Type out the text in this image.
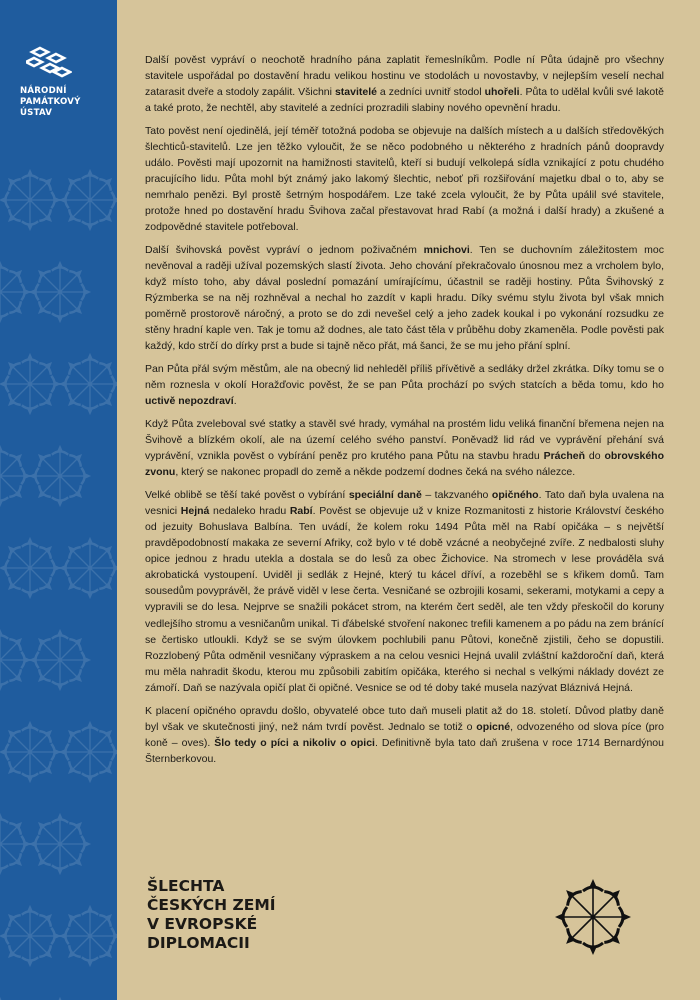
NÁRODNÍ
PAMÁTKOVÝ
ÚSTAV

Další pověst vypráví o neochotě hradního pána zaplatit řemeslníkům. Podle ní Půta údajně pro všechny stavitele uspořádal po dostavění hradu velikou hostinu ve stodolách u novostavby, v nejlepším veselí nechal zatarasit dveře a stodoly zapálit. Všichni stavitelé a zedníci uvnitř stodol uhořeli. Půta to udělal kvůli své lakotě a také proto, že nechtěl, aby stavitelé a zedníci prozradili slabiny nového opevnění hradu.

Tato pověst není ojedinělá, její téměř totožná podoba se objevuje na dalších místech a u dalších středověkých šlechticů-stavitelů. Lze jen těžko vyloučit, že se něco podobného u některého z hradních pánů doopravdy událo. Pověsti mají upozornit na hamižnosti stavitelů, kteří si budují velkolepá sídla vznikající z potu chudého pracujícího lidu. Půta mohl být známý jako lakomý šlechtic, neboť při rozšiřování majetku dbal o to, aby se nemrhalo penězi. Byl prostě šetrným hospodářem. Lze také zcela vyloučit, že by Půta upálil své stavitele, protože hned po dostavění hradu Švihova začal přestavovat hrad Rabí (a možná i další hrady) a zkušené a zodpovědné stavitele potřeboval.

Další švihovská pověst vypráví o jednom poživačném mnichovi. Ten se duchovním záležitostem moc nevěnoval a raději užíval pozemských slastí života. Jeho chování překračovalo únosnou mez a vrcholem bylo, když místo toho, aby dával poslední pomazání umírajícímu, účastnil se raději hostiny. Půta Švihovský z Rýzmberka se na něj rozhněval a nechal ho zazdít v kapli hradu. Díky svému stylu života byl však mnich poměrně prostorově náročný, a proto se do zdi nevešel celý a jeho zadek koukal i po vykonání rozsudku ze stěny hradní kaple ven. Tak je tomu až dodnes, ale tato část těla v průběhu doby zkameněla. Podle pověsti pak každý, kdo strčí do dírky prst a bude si tajně něco přát, má šanci, že se mu jeho přání splní.

Pan Půta přál svým městům, ale na obecný lid nehleděl příliš přívětivě a sedláky držel zkrátka. Díky tomu se o něm roznesla v okolí Horažďovic pověst, že se pan Půta prochází po svých statcích a běda tomu, kdo ho uctivě nepozdraví.

Když Půta zveleboval své statky a stavěl své hrady, vymáhal na prostém lidu veliká finanční břemena nejen na Švihově a blízkém okolí, ale na území celého svého panství. Poněvadž lid rád ve vyprávění přehání svá vyprávění, vznikla pověst o vybírání peněz pro krutého pana Půtu na stavbu hradu Prácheň do obrovského zvonu, který se nakonec propadl do země a někde podzemí dodnes čeká na svého nálezce.

Velké oblibě se těší také pověst o vybírání speciální daně – takzvaného opičného. Tato daň byla uvalena na vesnici Hejná nedaleko hradu Rabí. Pověst se objevuje už v knize Rozmanitosti z historie Království českého od jezuity Bohuslava Balbína. Ten uvádí, že kolem roku 1494 Půta měl na Rabí opičáka – s největší pravděpodobností makaka ze severní Afriky, což bylo v té době vzácné a neobyčejné zvíře. Z nedbalosti sluhy opice jednou z hradu utekla a dostala se do lesů za obec Žichovice. Na stromech v lese prováděla svá akrobatická vystoupení. Uviděl ji sedlák z Hejné, který tu kácel dříví, a rozeběhl se s křikem domů. Tam sousedům povyprávěl, že právě viděl v lese čerta. Vesničané se ozbrojili kosami, sekerami, motykami a cepy a vypravili se do lesa. Nejprve se snažili pokácet strom, na kterém čert seděl, ale ten vždy přeskočil do koruny vedlejšího stromu a vesničanům unikal. Ti ďábelské stvoření nakonec trefili kamenem a po pádu na zem bránící se čertisko utloukli. Když se se svým úlovkem pochlubili panu Půtovi, konečně zjistili, čeho se dopustili. Rozzlobený Půta odměnil vesničany výpraskem a na celou vesnici Hejná uvalil zvláštní každoroční daň, která mu měla nahradit škodu, kterou mu způsobili zabitím opičáka, kterého si nechal s velkými náklady dovézt ze zámoří. Daň se nazývala opičí plat či opičné. Vesnice se od té doby také musela nazývat Bláznivá Hejná.

K placení opičného opravdu došlo, obyvatelé obce tuto daň museli platit až do 18. století. Důvod platby daně byl však ve skutečnosti jiný, než nám tvrdí pověst. Jednalo se totiž o opicné, odvozeného od slova píce (pro koně – oves). Šlo tedy o píci a nikoliv o opici. Definitivně byla tato daň zrušena v roce 1714 Bernardýnou Šternberkovou.

ŠLECHTA
ČESKÝCH ZEMÍ
V EVROPSKÉ
DIPLOMACII
